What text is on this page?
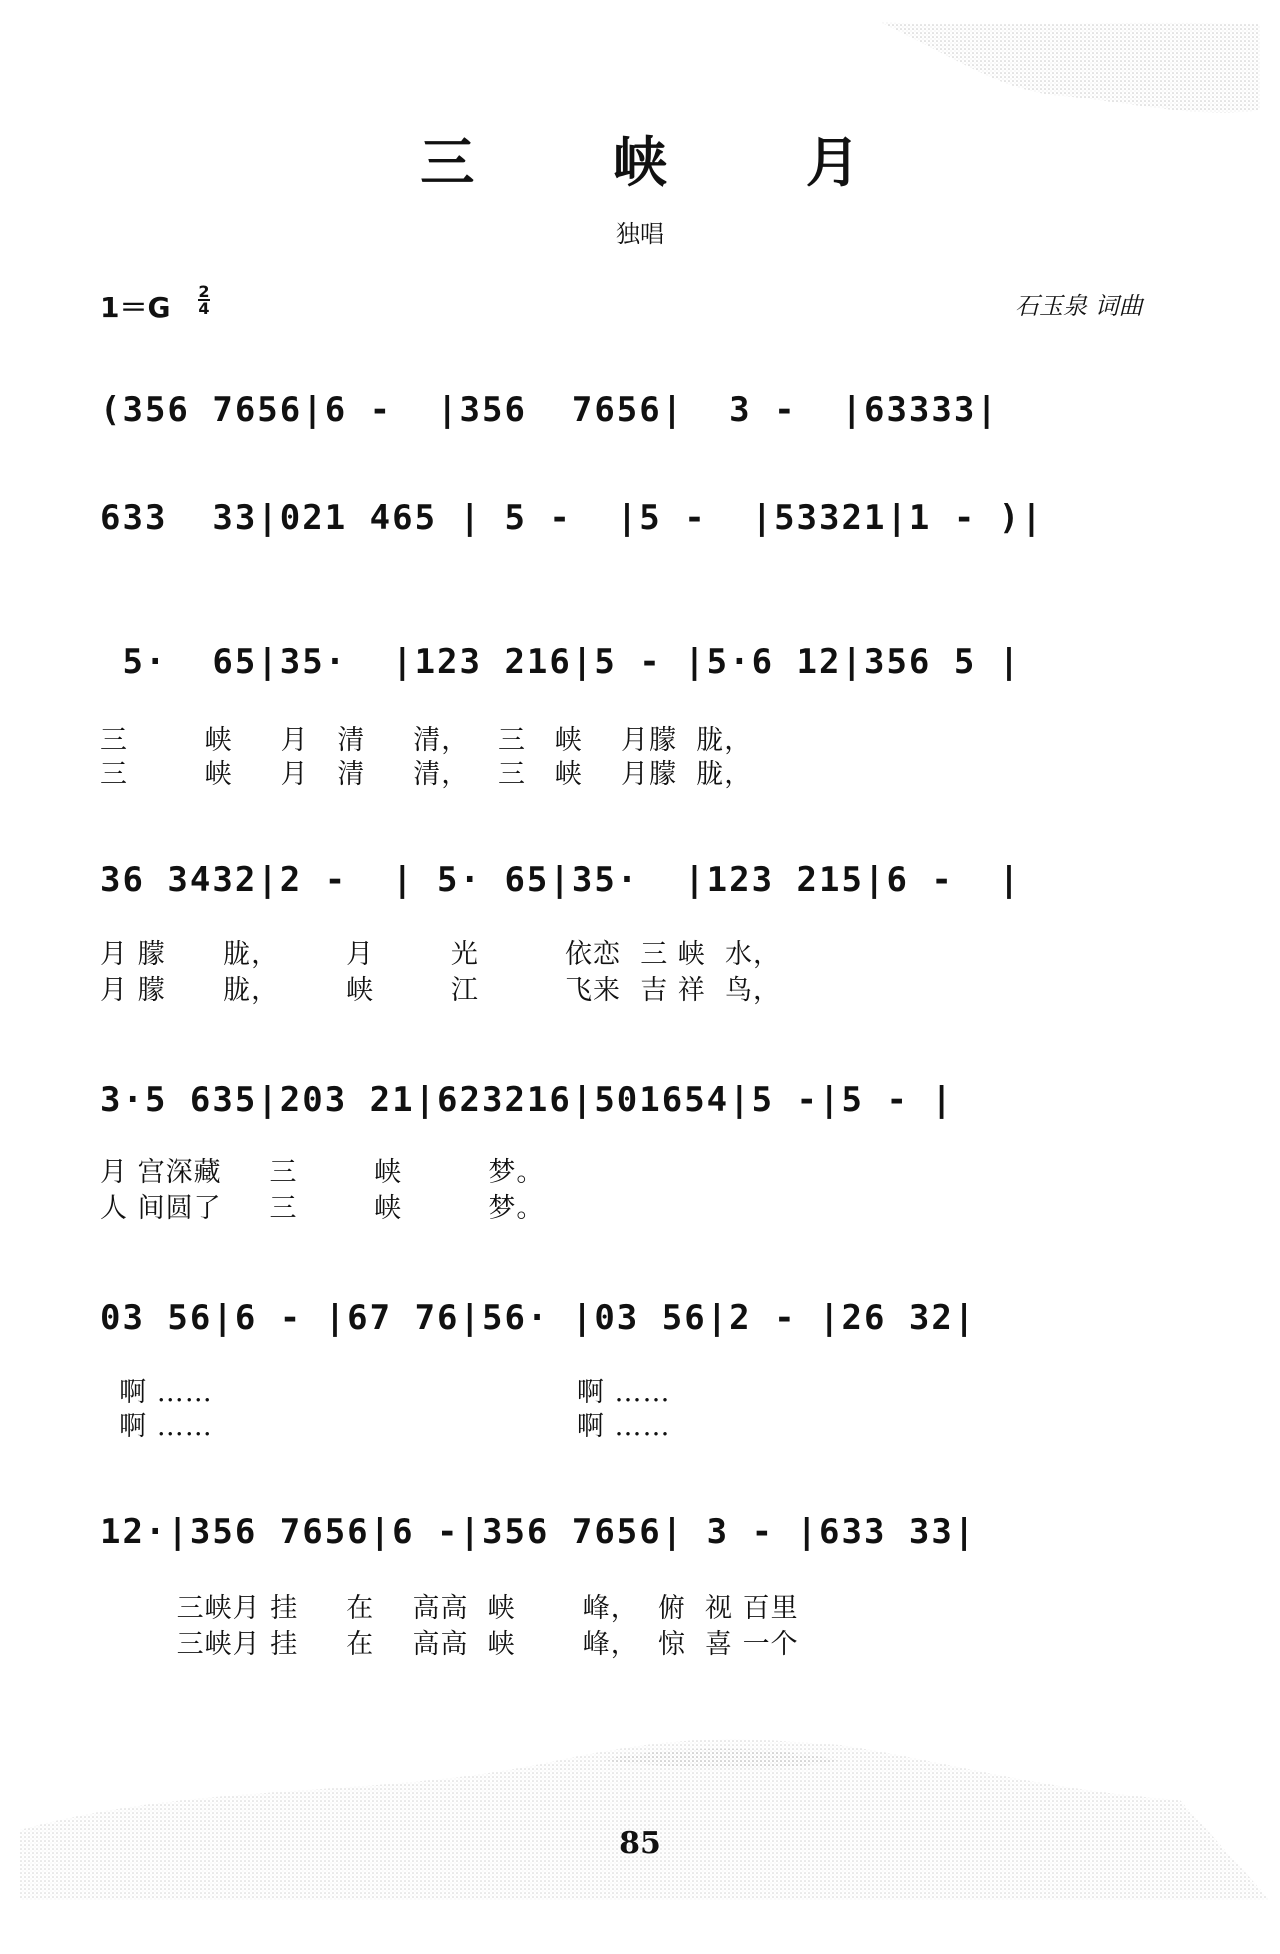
三 峡 月
独唱
1＝G 2
4	石玉泉 词曲
(356 7656|6 -  |356  7656|  3 -  |63333|
633  33|021 465 | 5 -  |5 -  |53321|1 - )|
5·  65|35·  |123 216|5 - |5·6 12|356 5 |
三        峡     月   清     清，   三   峡    月朦  胧，
三        峡     月   清     清，   三   峡    月朦  胧，
36 3432|2 -  | 5· 65|35·  |123 215|6 -  |
月 朦      胧，       月        光         依恋  三 峡  水，
月 朦      胧，       峡        江         飞来  吉 祥  鸟，
3·5 635|203 21|623216|501654|5 -|5 - |
月 宫深藏     三        峡         梦。
人 间圆了     三        峡         梦。
03 56|6 - |67 76|56· |03 56|2 - |26 32|
啊 ……                                      啊 ……
啊 ……                                      啊 ……
12·|356 7656|6 -|356 7656| 3 - |633 33|
三峡月 挂     在    高高  峡       峰，  俯  视 百里
三峡月 挂     在    高高  峡       峰，  惊  喜 一个
85
